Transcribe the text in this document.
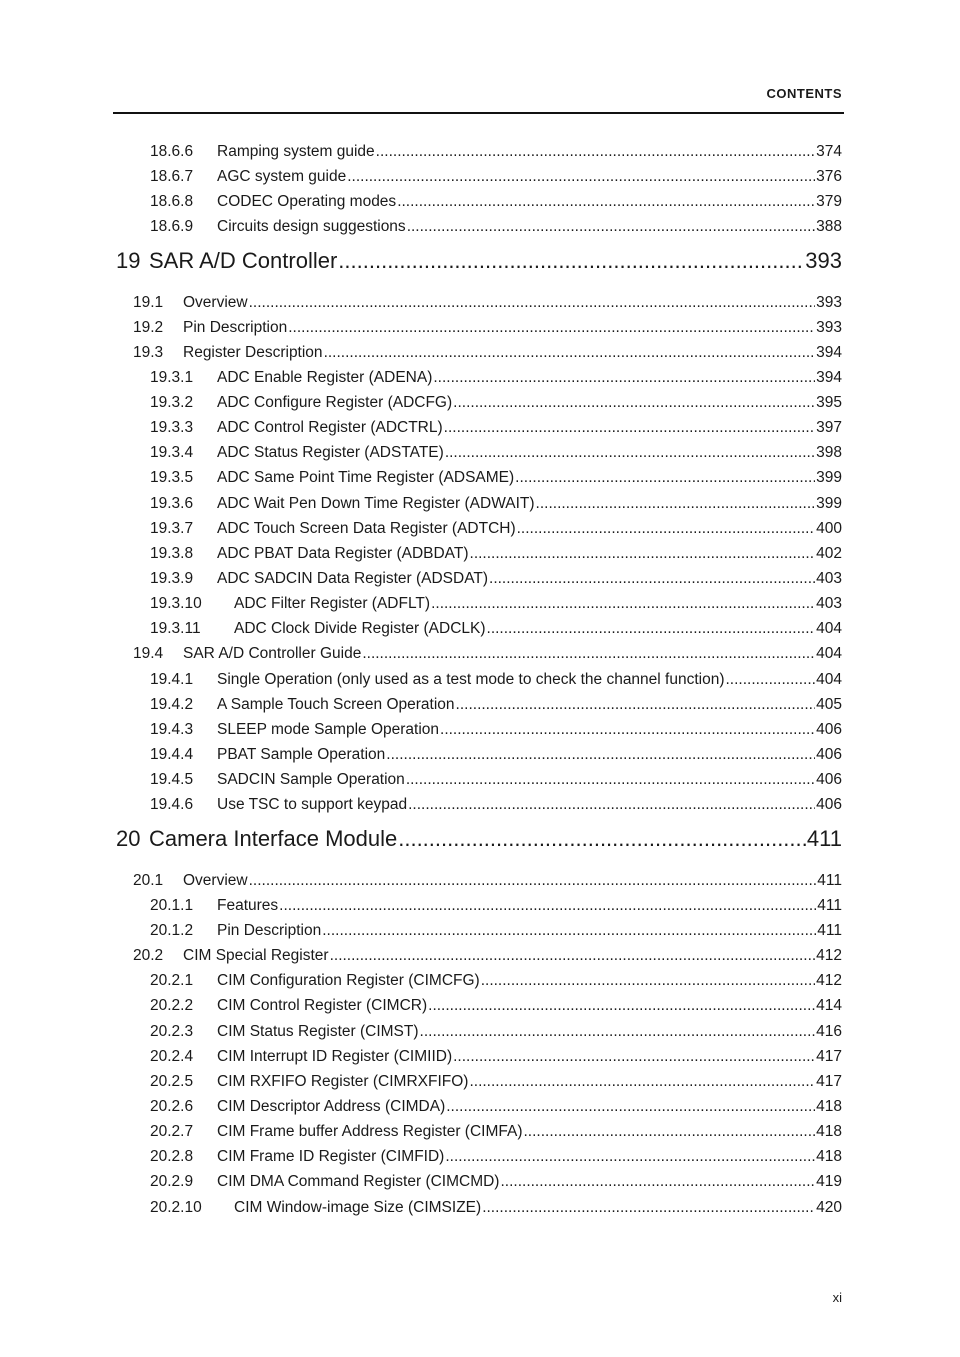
CONTENTS
18.6.6	Ramping system guide .....	374
18.6.7	AGC system guide .....	376
18.6.8	CODEC Operating modes .....	379
18.6.9	Circuits design suggestions .....	388
19 SAR A/D Controller .....	393
19.1	Overview .....	393
19.2	Pin Description .....	393
19.3	Register Description .....	394
19.3.1	ADC Enable Register (ADENA) .....	394
19.3.2	ADC Configure Register (ADCFG) .....	395
19.3.3	ADC Control Register (ADCTRL) .....	397
19.3.4	ADC Status Register (ADSTATE) .....	398
19.3.5	ADC Same Point Time Register (ADSAME) .....	399
19.3.6	ADC Wait Pen Down Time Register (ADWAIT) .....	399
19.3.7	ADC Touch Screen Data Register (ADTCH) .....	400
19.3.8	ADC PBAT Data Register (ADBDAT) .....	402
19.3.9	ADC SADCIN Data Register (ADSDAT) .....	403
19.3.10	ADC Filter Register (ADFLT) .....	403
19.3.11	ADC Clock Divide Register (ADCLK) .....	404
19.4	SAR A/D Controller Guide .....	404
19.4.1	Single Operation (only used as a test mode to check the channel function) .....	404
19.4.2	A Sample Touch Screen Operation .....	405
19.4.3	SLEEP mode Sample Operation .....	406
19.4.4	PBAT Sample Operation .....	406
19.4.5	SADCIN Sample Operation .....	406
19.4.6	Use TSC to support keypad .....	406
20 Camera Interface Module .....	411
20.1	Overview .....	411
20.1.1	Features .....	411
20.1.2	Pin Description .....	411
20.2	CIM Special Register .....	412
20.2.1	CIM Configuration Register (CIMCFG) .....	412
20.2.2	CIM Control Register (CIMCR) .....	414
20.2.3	CIM Status Register (CIMST) .....	416
20.2.4	CIM Interrupt ID Register (CIMIID) .....	417
20.2.5	CIM RXFIFO Register (CIMRXFIFO) .....	417
20.2.6	CIM Descriptor Address (CIMDA) .....	418
20.2.7	CIM Frame buffer Address Register (CIMFA) .....	418
20.2.8	CIM Frame ID Register (CIMFID) .....	418
20.2.9	CIM DMA Command Register (CIMCMD) .....	419
20.2.10	CIM Window-image Size (CIMSIZE) .....	420
xi
